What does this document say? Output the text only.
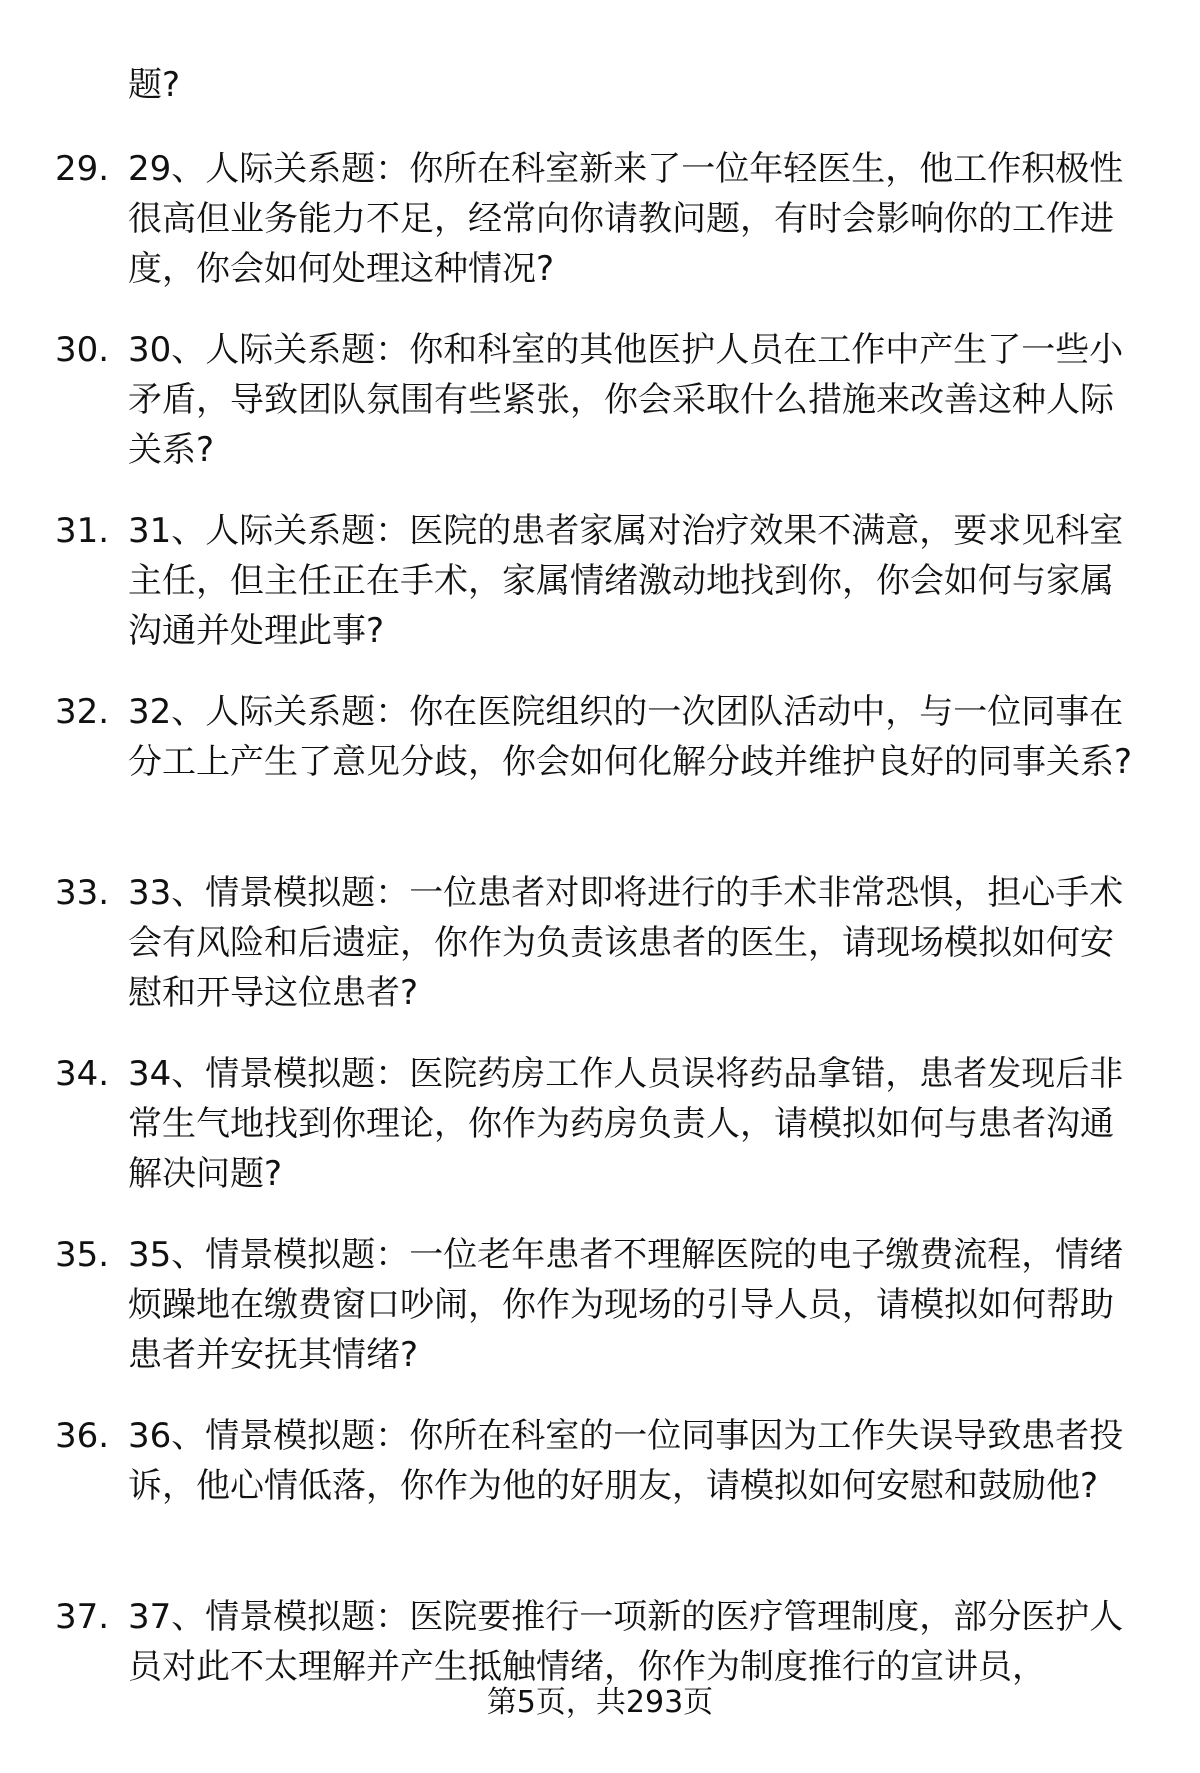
题?
29. 29、人际关系题：你所在科室新来了一位年轻医生，他工作积极性很高但业务能力不足，经常向你请教问题，有时会影响你的工作进度，你会如何处理这种情况?
30. 30、人际关系题：你和科室的其他医护人员在工作中产生了一些小矛盾，导致团队氛围有些紧张，你会采取什么措施来改善这种人际关系?
31. 31、人际关系题：医院的患者家属对治疗效果不满意，要求见科室主任，但主任正在手术，家属情绪激动地找到你，你会如何与家属沟通并处理此事?
32. 32、人际关系题：你在医院组织的一次团队活动中，与一位同事在分工上产生了意见分歧，你会如何化解分歧并维护良好的同事关系?
33. 33、情景模拟题：一位患者对即将进行的手术非常恐惧，担心手术会有风险和后遗症，你作为负责该患者的医生，请现场模拟如何安慰和开导这位患者?
34. 34、情景模拟题：医院药房工作人员误将药品拿错，患者发现后非常生气地找到你理论，你作为药房负责人，请模拟如何与患者沟通解决问题?
35. 35、情景模拟题：一位老年患者不理解医院的电子缴费流程，情绪烦躁地在缴费窗口吵闹，你作为现场的引导人员，请模拟如何帮助患者并安抚其情绪?
36. 36、情景模拟题：你所在科室的一位同事因为工作失误导致患者投诉，他心情低落，你作为他的好朋友，请模拟如何安慰和鼓励他?
37. 37、情景模拟题：医院要推行一项新的医疗管理制度，部分医护人员对此不太理解并产生抵触情绪，你作为制度推行的宣讲员，
第5页，共293页
